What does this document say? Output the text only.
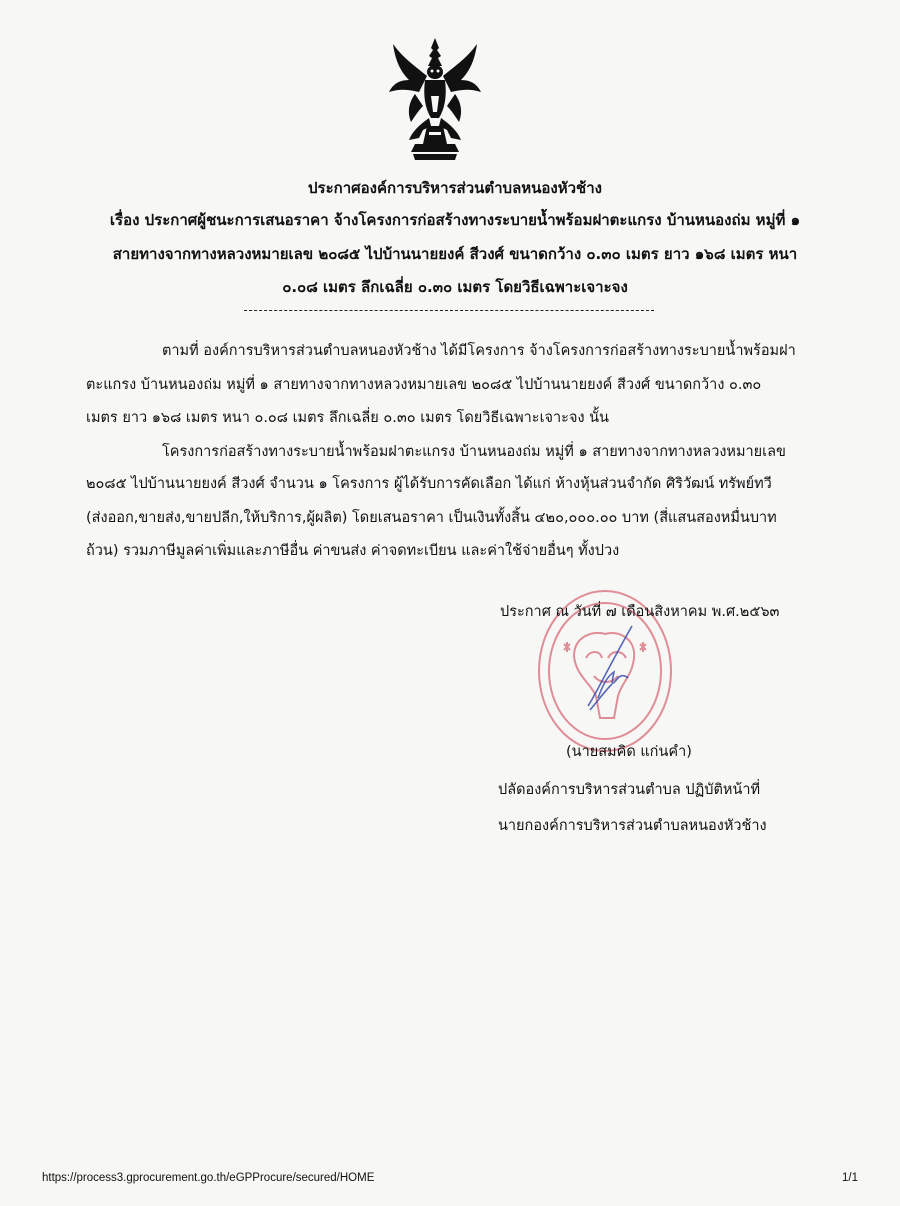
ประกาศองค์การบริหารส่วนตำบลหนองหัวช้าง
เรื่อง ประกาศผู้ชนะการเสนอราคา จ้างโครงการก่อสร้างทางระบายน้ำพร้อมฝาตะแกรง บ้านหนองถ่ม หมู่ที่ ๑
สายทางจากทางหลวงหมายเลข ๒๐๘๕ ไปบ้านนายยงค์ สีวงศ์ ขนาดกว้าง ๐.๓๐ เมตร ยาว ๑๖๘ เมตร หนา
๐.๐๘ เมตร ลึกเฉลี่ย ๐.๓๐ เมตร โดยวิธีเฉพาะเจาะจง
ตามที่ องค์การบริหารส่วนตำบลหนองหัวช้าง ได้มีโครงการ จ้างโครงการก่อสร้างทางระบายน้ำพร้อมฝา
ตะแกรง บ้านหนองถ่ม หมู่ที่ ๑ สายทางจากทางหลวงหมายเลข ๒๐๘๕ ไปบ้านนายยงค์ สีวงศ์ ขนาดกว้าง ๐.๓๐
เมตร ยาว ๑๖๘ เมตร หนา ๐.๐๘ เมตร ลึกเฉลี่ย ๐.๓๐ เมตร โดยวิธีเฉพาะเจาะจง นั้น
โครงการก่อสร้างทางระบายน้ำพร้อมฝาตะแกรง บ้านหนองถ่ม หมู่ที่ ๑ สายทางจากทางหลวงหมายเลข
๒๐๘๕ ไปบ้านนายยงค์ สีวงศ์ จำนวน ๑ โครงการ ผู้ได้รับการคัดเลือก ได้แก่ ห้างหุ้นส่วนจำกัด ศิริวัฒน์ ทรัพย์ทวี
(ส่งออก,ขายส่ง,ขายปลีก,ให้บริการ,ผู้ผลิต) โดยเสนอราคา เป็นเงินทั้งสิ้น ๔๒๐,๐๐๐.๐๐ บาท (สี่แสนสองหมื่นบาท
ถ้วน) รวมภาษีมูลค่าเพิ่มและภาษีอื่น ค่าขนส่ง ค่าจดทะเบียน และค่าใช้จ่ายอื่นๆ ทั้งปวง
ประกาศ ณ วันที่ ๗ เดือนสิงหาคม พ.ศ.๒๕๖๓
(นายสมคิด แก่นคำ)
ปลัดองค์การบริหารส่วนตำบล ปฏิบัติหน้าที่
นายกองค์การบริหารส่วนตำบลหนองหัวช้าง
https://process3.gprocurement.go.th/eGPProcure/secured/HOME	1/1
